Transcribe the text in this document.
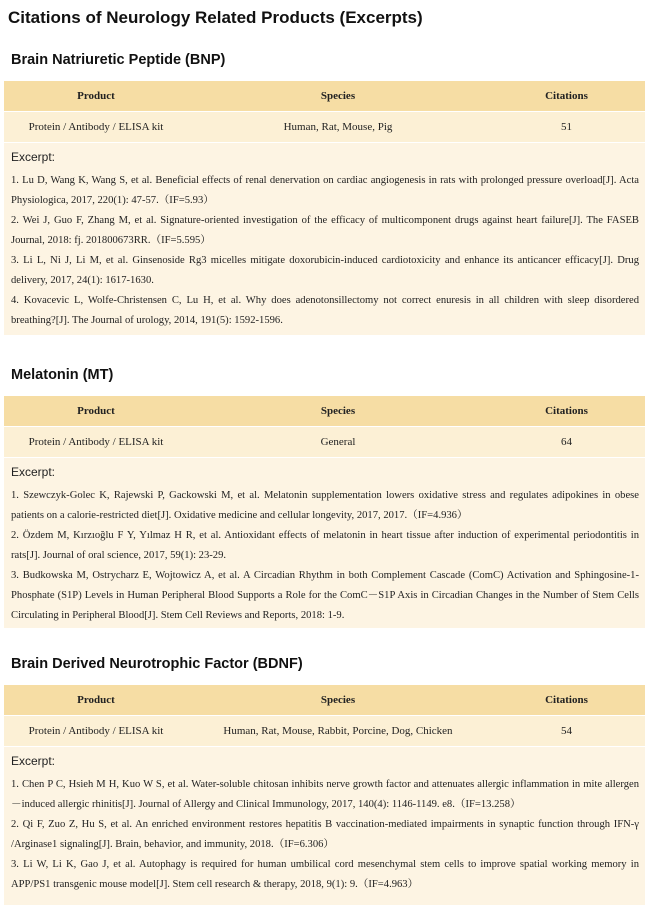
Citations of Neurology Related Products (Excerpts)
Brain Natriuretic Peptide (BNP)
Product	Species	Citations
Protein / Antibody / ELISA kit	Human, Rat, Mouse, Pig	51

Excerpt:

1. Lu D, Wang K, Wang S, et al. Beneficial effects of renal denervation on cardiac angiogenesis in rats with prolonged pressure overload[J]. Acta Physiologica, 2017, 220(1): 47-57.（IF=5.93）

2. Wei J, Guo F, Zhang M, et al. Signature-oriented investigation of the efficacy of multicomponent drugs against heart failure[J]. The FASEB Journal, 2018: fj. 201800673RR.（IF=5.595）

3. Li L, Ni J, Li M, et al. Ginsenoside Rg3 micelles mitigate doxorubicin-induced cardiotoxicity and enhance its anticancer efficacy[J]. Drug delivery, 2017, 24(1): 1617-1630.

4. Kovacevic L, Wolfe-Christensen C, Lu H, et al. Why does adenotonsillectomy not correct enuresis in all children with sleep disordered breathing?[J]. The Journal of urology, 2014, 191(5): 1592-1596.

Melatonin (MT)
Product	Species	Citations
Protein / Antibody / ELISA kit	General	64

Excerpt:

1. Szewczyk-Golec K, Rajewski P, Gackowski M, et al. Melatonin supplementation lowers oxidative stress and regulates adipokines in obese patients on a calorie-restricted diet[J]. Oxidative medicine and cellular longevity, 2017, 2017.（IF=4.936）

2. Özdem M, Kırzıoğlu F Y, Yılmaz H R, et al. Antioxidant effects of melatonin in heart tissue after induction of experimental periodontitis in rats[J]. Journal of oral science, 2017, 59(1): 23-29.

3. Budkowska M, Ostrycharz E, Wojtowicz A, et al. A Circadian Rhythm in both Complement Cascade (ComC) Activation and Sphingosine-1-Phosphate (S1P) Levels in Human Peripheral Blood Supports a Role for the ComC－S1P Axis in Circadian Changes in the Number of Stem Cells Circulating in Peripheral Blood[J]. Stem Cell Reviews and Reports, 2018: 1-9.

Brain Derived Neurotrophic Factor (BDNF)
Product	Species	Citations
Protein / Antibody / ELISA kit	Human, Rat, Mouse, Rabbit, Porcine, Dog, Chicken	54

Excerpt:

1. Chen P C, Hsieh M H, Kuo W S, et al. Water-soluble chitosan inhibits nerve growth factor and attenuates allergic inflammation in mite allergen－induced allergic rhinitis[J]. Journal of Allergy and Clinical Immunology, 2017, 140(4): 1146-1149. e8.（IF=13.258）

2. Qi F, Zuo Z, Hu S, et al. An enriched environment restores hepatitis B vaccination-mediated impairments in synaptic function through IFN-γ /Arginase1 signaling[J]. Brain, behavior, and immunity, 2018.（IF=6.306）

3. Li W, Li K, Gao J, et al. Autophagy is required for human umbilical cord mesenchymal stem cells to improve spatial working memory in APP/PS1 transgenic mouse model[J]. Stem cell research & therapy, 2018, 9(1): 9.（IF=4.963）
